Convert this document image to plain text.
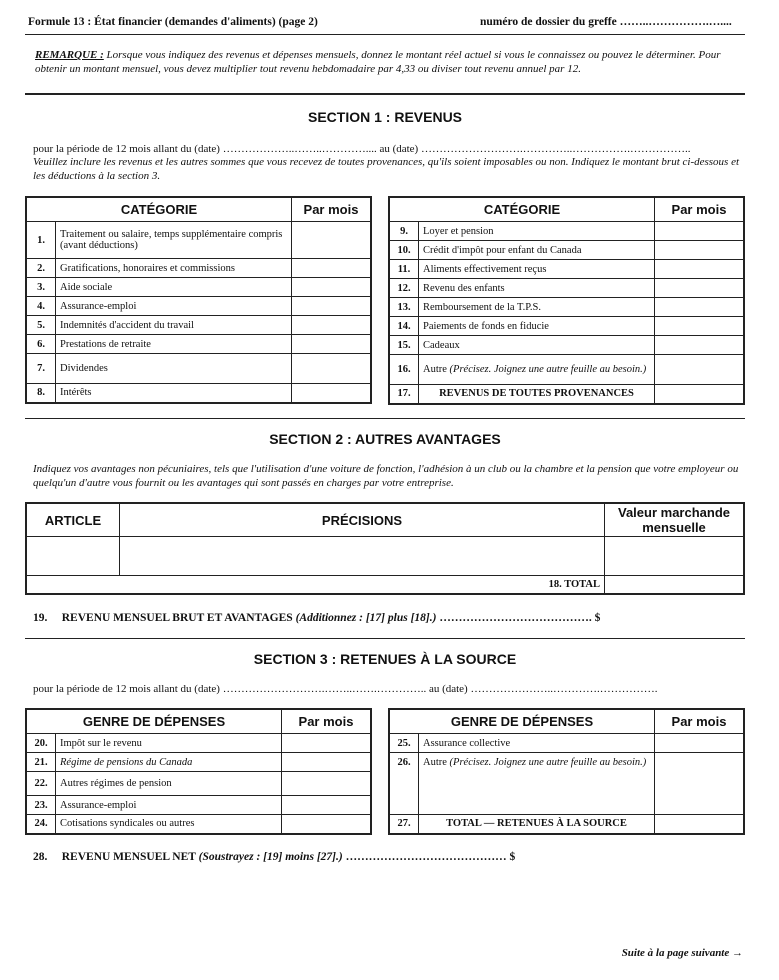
Formule 13 : État financier (demandes d'aliments) (page 2)	numéro de dossier du greffe ……..…………….…....
REMARQUE : Lorsque vous indiquez des revenus et dépenses mensuels, donnez le montant réel actuel si vous le connaissez ou pouvez le déterminer. Pour obtenir un montant mensuel, vous devez multiplier tout revenu hebdomadaire par 4,33 ou diviser tout revenu annuel par 12.
SECTION 1 : REVENUS
pour la période de 12 mois allant du (date) ………………..……..………….... au (date) ……………………….…………..…………….……………..
Veuillez inclure les revenus et les autres sommes que vous recevez de toutes provenances, qu'ils soient imposables ou non. Indiquez le montant brut ci-dessous et les déductions à la section 3.
CATÉGORIE		Par mois
1.	Traitement ou salaire, temps supplémentaire compris (avant déductions)	
2.	Gratifications, honoraires et commissions	
3.	Aide sociale	
4.	Assurance-emploi	
5.	Indemnités d'accident du travail	
6.	Prestations de retraite	
7.	Dividendes	
8.	Intérêts	
CATÉGORIE		Par mois
9.	Loyer et pension	
10.	Crédit d'impôt pour enfant du Canada	
11.	Aliments effectivement reçus	
12.	Revenu des enfants	
13.	Remboursement de la T.P.S.	
14.	Paiements de fonds en fiducie	
15.	Cadeaux	
16.	Autre (Précisez. Joignez une autre feuille au besoin.)	
17.	REVENUS DE TOUTES PROVENANCES	
SECTION 2 : AUTRES AVANTAGES
Indiquez vos avantages non pécuniaires, tels que l'utilisation d'une voiture de fonction, l'adhésion à un club ou la chambre et la pension que votre employeur ou quelqu'un d'autre vous fournit ou les avantages qui sont passés en charges par votre entreprise.
ARTICLE	PRÉCISIONS	Valeur marchande mensuelle

18. TOTAL		
19. REVENU MENSUEL BRUT ET AVANTAGES (Additionnez : [17] plus [18].) …………………………………. $
SECTION 3 : RETENUES À LA SOURCE
pour la période de 12 mois allant du (date) ……………………….……..…….………….. au (date) …………………..………….…………….
GENRE DE DÉPENSES		Par mois
20.	Impôt sur le revenu	
21.	Régime de pensions du Canada	
22.	Autres régimes de pension	
23.	Assurance-emploi	
24.	Cotisations syndicales ou autres	
GENRE DE DÉPENSES		Par mois
25.	Assurance collective	
26.	Autre (Précisez. Joignez une autre feuille au besoin.)	
27.	TOTAL — RETENUES À LA SOURCE	
28. REVENU MENSUEL NET (Soustrayez : [19] moins [27].) …………………………………… $
Suite à la page suivante →
